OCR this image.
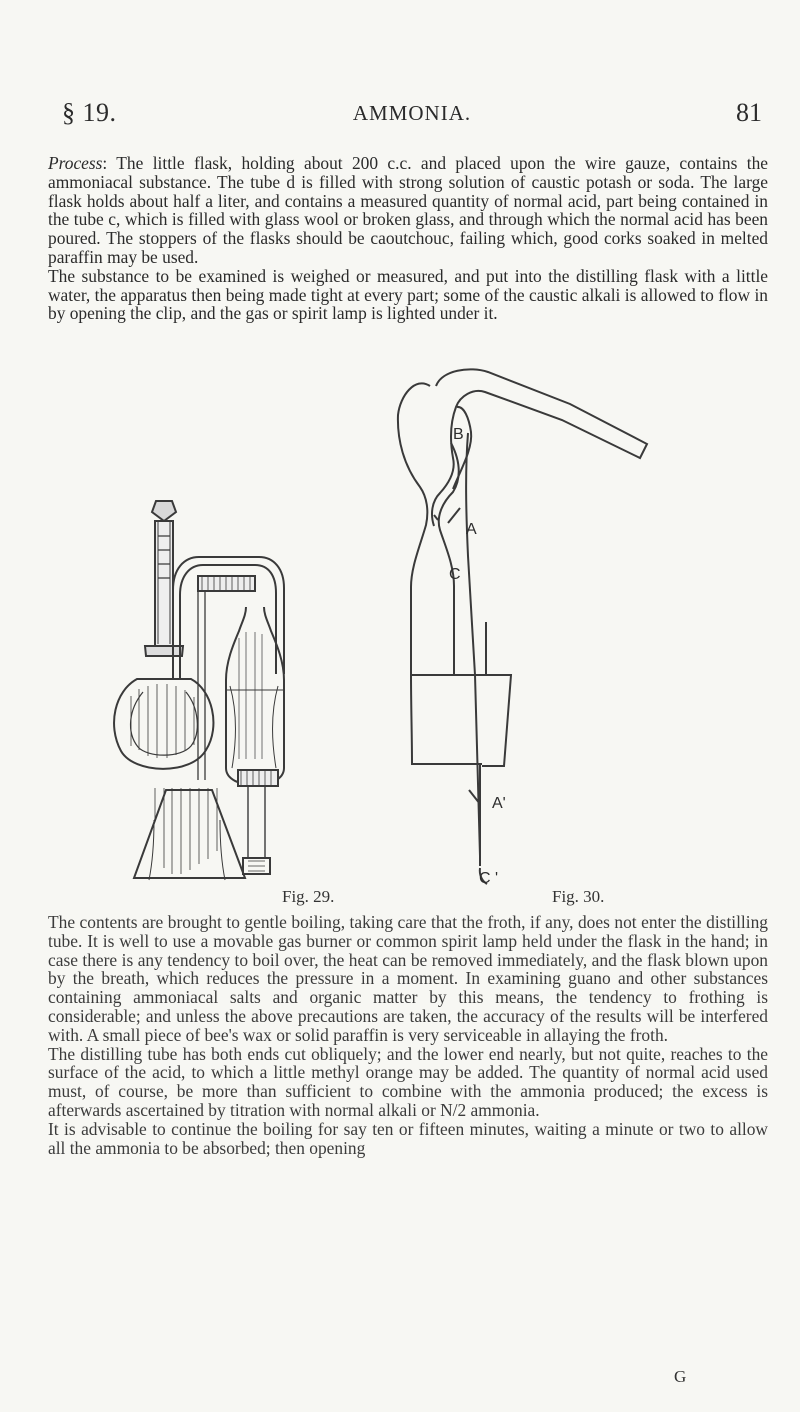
§ 19.	AMMONIA.	81

Process: The little flask, holding about 200 c.c. and placed upon the wire gauze, contains the ammoniacal substance. The tube d is filled with strong solution of caustic potash or soda. The large flask holds about half a liter, and contains a measured quantity of normal acid, part being contained in the tube c, which is filled with glass wool or broken glass, and through which the normal acid has been poured. The stoppers of the flasks should be caoutchouc, failing which, good corks soaked in melted paraffin may be used.

The substance to be examined is weighed or measured, and put into the distilling flask with a little water, the apparatus then being made tight at every part; some of the caustic alkali is allowed to flow in by opening the clip, and the gas or spirit lamp is lighted under it.

B
A
C
A'
C '
Fig. 29.	Fig. 30.

The contents are brought to gentle boiling, taking care that the froth, if any, does not enter the distilling tube. It is well to use a movable gas burner or common spirit lamp held under the flask in the hand; in case there is any tendency to boil over, the heat can be removed immediately, and the flask blown upon by the breath, which reduces the pressure in a moment. In examining guano and other substances containing ammoniacal salts and organic matter by this means, the tendency to frothing is considerable; and unless the above precautions are taken, the accuracy of the results will be interfered with. A small piece of bee's wax or solid paraffin is very serviceable in allaying the froth.

The distilling tube has both ends cut obliquely; and the lower end nearly, but not quite, reaches to the surface of the acid, to which a little methyl orange may be added. The quantity of normal acid used must, of course, be more than sufficient to combine with the ammonia produced; the excess is afterwards ascertained by titration with normal alkali or N/2 ammonia.

It is advisable to continue the boiling for say ten or fifteen minutes, waiting a minute or two to allow all the ammonia to be absorbed; then opening

G
